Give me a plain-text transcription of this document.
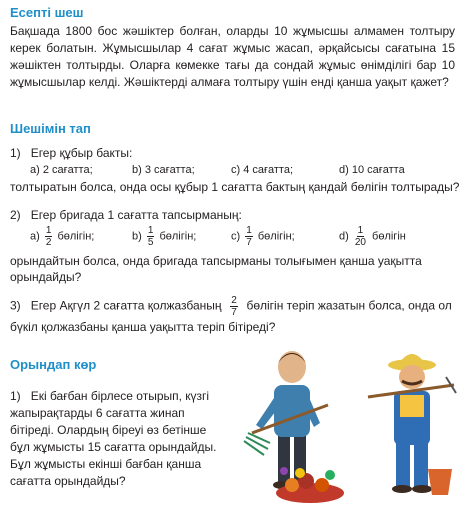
Есепті шеш
Бақшада 1800 бос жәшіктер болған, оларды 10 жұмысшы алмамен толтыру керек болатын. Жұмысшылар 4 сағат жұмыс жасап, әрқайсысы сағатына 15 жәшіктен толтырды. Оларға көмекке тағы да сондай жұмыс өнімділігі бар 10 жұмысшылар келді. Жәшіктерді алмаға толтыру үшін енді қанша уақыт қажет?
Шешімін тап
1) Егер құбыр бакты:
а) 2 сағатта;	b) 3 сағатта;	c) 4 сағатта;	d) 10 сағатта
толтыратын болса, онда осы құбыр 1 сағатта бактың қандай бөлігін толтырады?
2) Егер бригада 1 сағатта тапсырманың:
$а) \frac{1}{2}$ бөлігін;	$b) \frac{1}{5}$ бөлігін;	$c) \frac{1}{7}$ бөлігін;	$d) \frac{1}{20}$ бөлігін
орындайтын болса, онда бригада тапсырманы толығымен қанша уақытта
орындайды?
3) Егер Ақгүл 2 сағатта қолжазбаның $\frac{2}{7}$ бөлігін теріп жазатын болса, онда ол
бүкіл қолжазбаны қанша уақытта теріп бітіреді?
Орындап көр
1) Екі бағбан бірлесе отырып, күзгі
жапырақтарды 6 сағатта жинап
бітіреді. Олардың біреуі өз бетінше
бұл жұмысты 15 сағатта орындайды.
Бұл жұмысты екінші бағбан қанша
сағатта орындайды?
